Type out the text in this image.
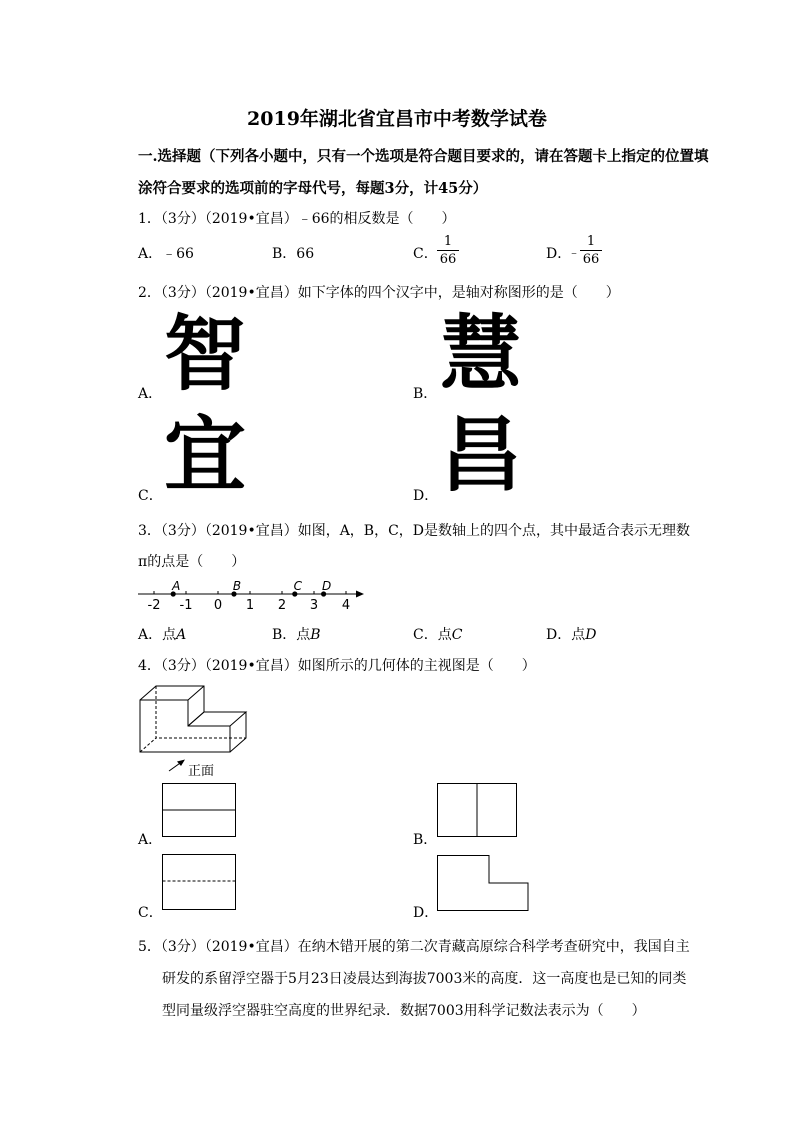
2019年湖北省宜昌市中考数学试卷
一.选择题（下列各小题中，只有一个选项是符合题目要求的，请在答题卡上指定的位置填
涂符合要求的选项前的字母代号，每题3分，计45分）
1．（3分）（2019•宜昌）﹣66的相反数是（　　）
A．﹣66	B．66	C．
1
66	D．
﹣
1
66
2．（3分）（2019•宜昌）如下字体的四个汉字中，是轴对称图形的是（　　）
A． 智	B． 慧
C． 宜	D． 昌
3．（3分）（2019•宜昌）如图，A，B，C，D是数轴上的四个点，其中最适合表示无理数
π的点是（　　）
-2 -1 0 1 2 3 4
A	B	C D
A．点A	B．点B	C．点C	D．点D
4．（3分）（2019•宜昌）如图所示的几何体的主视图是（　　）
正面
A．	B．
C．	D．
5．（3分）（2019•宜昌）在纳木错开展的第二次青藏高原综合科学考查研究中，我国自主
研发的系留浮空器于5月23日凌晨达到海拔7003米的高度．这一高度也是已知的同类
型同量级浮空器驻空高度的世界纪录．数据7003用科学记数法表示为（　　）
